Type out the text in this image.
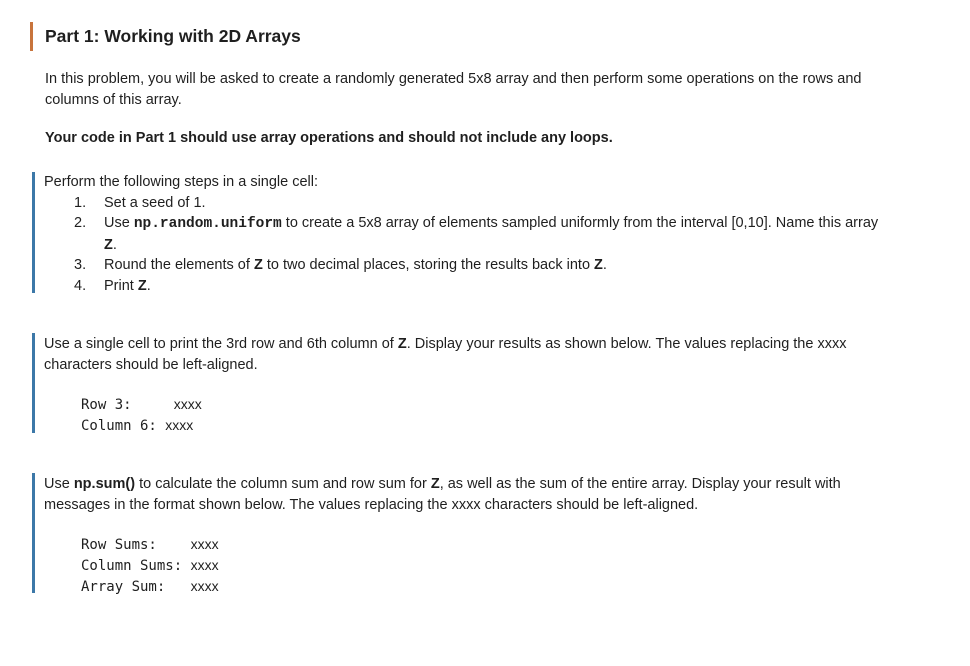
Part 1: Working with 2D Arrays

In this problem, you will be asked to create a randomly generated 5x8 array and then perform some operations on the rows and columns of this array.

Your code in Part 1 should use array operations and should not include any loops.

Perform the following steps in a single cell:

1. Set a seed of 1.
2. Use np.random.uniform to create a 5x8 array of elements sampled uniformly from the interval [0,10]. Name this array Z.
3. Round the elements of Z to two decimal places, storing the results back into Z.
4. Print Z.

Use a single cell to print the 3rd row and 6th column of Z. Display your results as shown below. The values replacing the xxxx characters should be left-aligned.

Row 3:     xxxx
Column 6: xxxx

Use np.sum() to calculate the column sum and row sum for Z, as well as the sum of the entire array. Display your result with messages in the format shown below. The values replacing the xxxx characters should be left-aligned.

Row Sums:    xxxx
Column Sums: xxxx
Array Sum:   xxxx
